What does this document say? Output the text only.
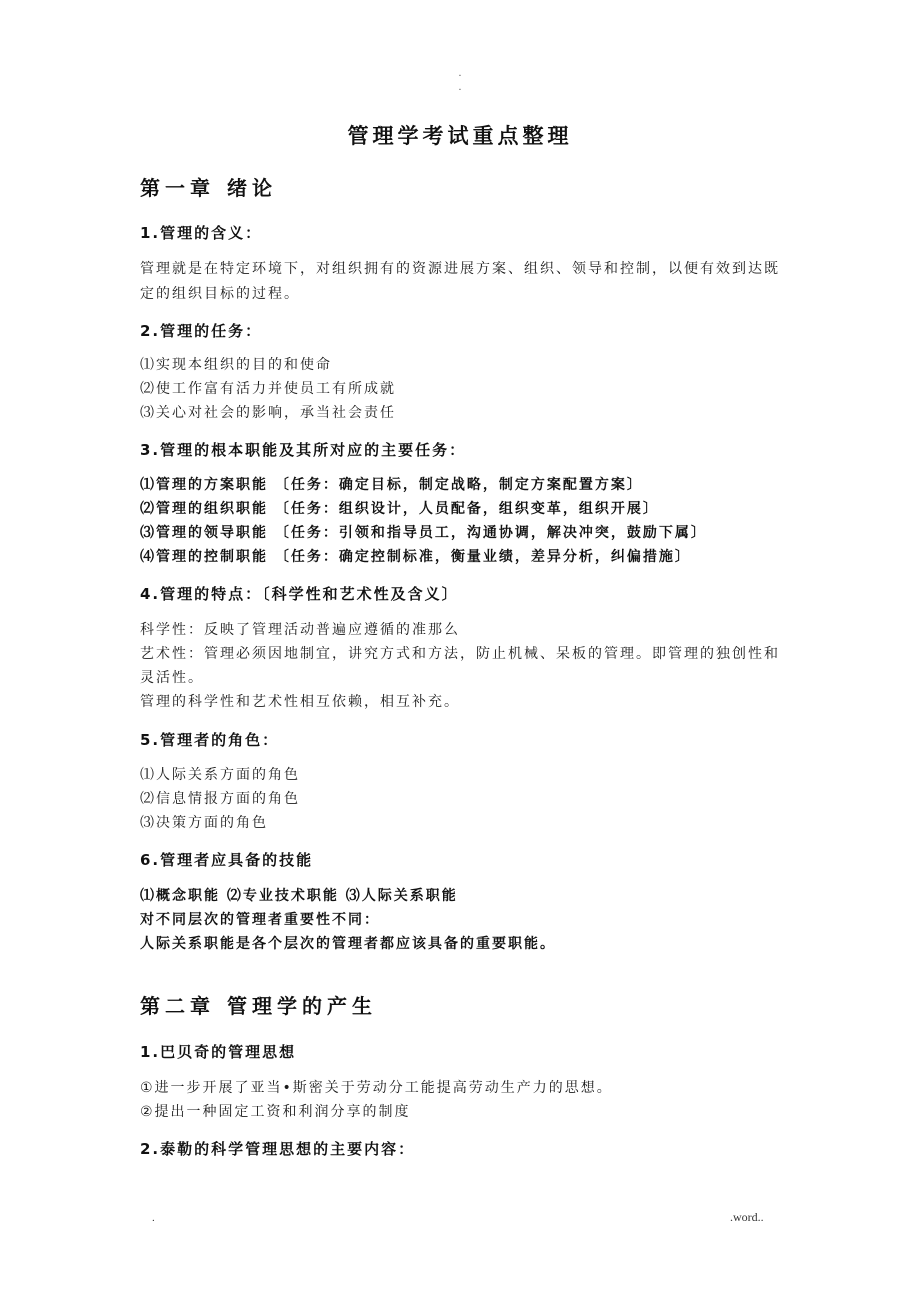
·
·
管理学考试重点整理
第一章 绪论
1.管理的含义：
管理就是在特定环境下，对组织拥有的资源进展方案、组织、领导和控制，以便有效到达既
定的组织目标的过程。
2.管理的任务：
⑴实现本组织的目的和使命
⑵使工作富有活力并使员工有所成就
⑶关心对社会的影响，承当社会责任
3.管理的根本职能及其所对应的主要任务：
⑴管理的方案职能 〔任务：确定目标，制定战略，制定方案配置方案〕
⑵管理的组织职能 〔任务：组织设计，人员配备，组织变革，组织开展〕
⑶管理的领导职能 〔任务：引领和指导员工，沟通协调，解决冲突，鼓励下属〕
⑷管理的控制职能 〔任务：确定控制标准，衡量业绩，差异分析，纠偏措施〕
4.管理的特点：〔科学性和艺术性及含义〕
科学性：反映了管理活动普遍应遵循的准那么
艺术性：管理必须因地制宜，讲究方式和方法，防止机械、呆板的管理。即管理的独创性和
灵活性。
管理的科学性和艺术性相互依赖，相互补充。
5.管理者的角色：
⑴人际关系方面的角色
⑵信息情报方面的角色
⑶决策方面的角色
6.管理者应具备的技能
⑴概念职能 ⑵专业技术职能 ⑶人际关系职能
对不同层次的管理者重要性不同：
人际关系职能是各个层次的管理者都应该具备的重要职能。
第二章 管理学的产生
1.巴贝奇的管理思想
①进一步开展了亚当•斯密关于劳动分工能提高劳动生产力的思想。
②提出一种固定工资和利润分享的制度
2.泰勒的科学管理思想的主要内容：
.	.word..
